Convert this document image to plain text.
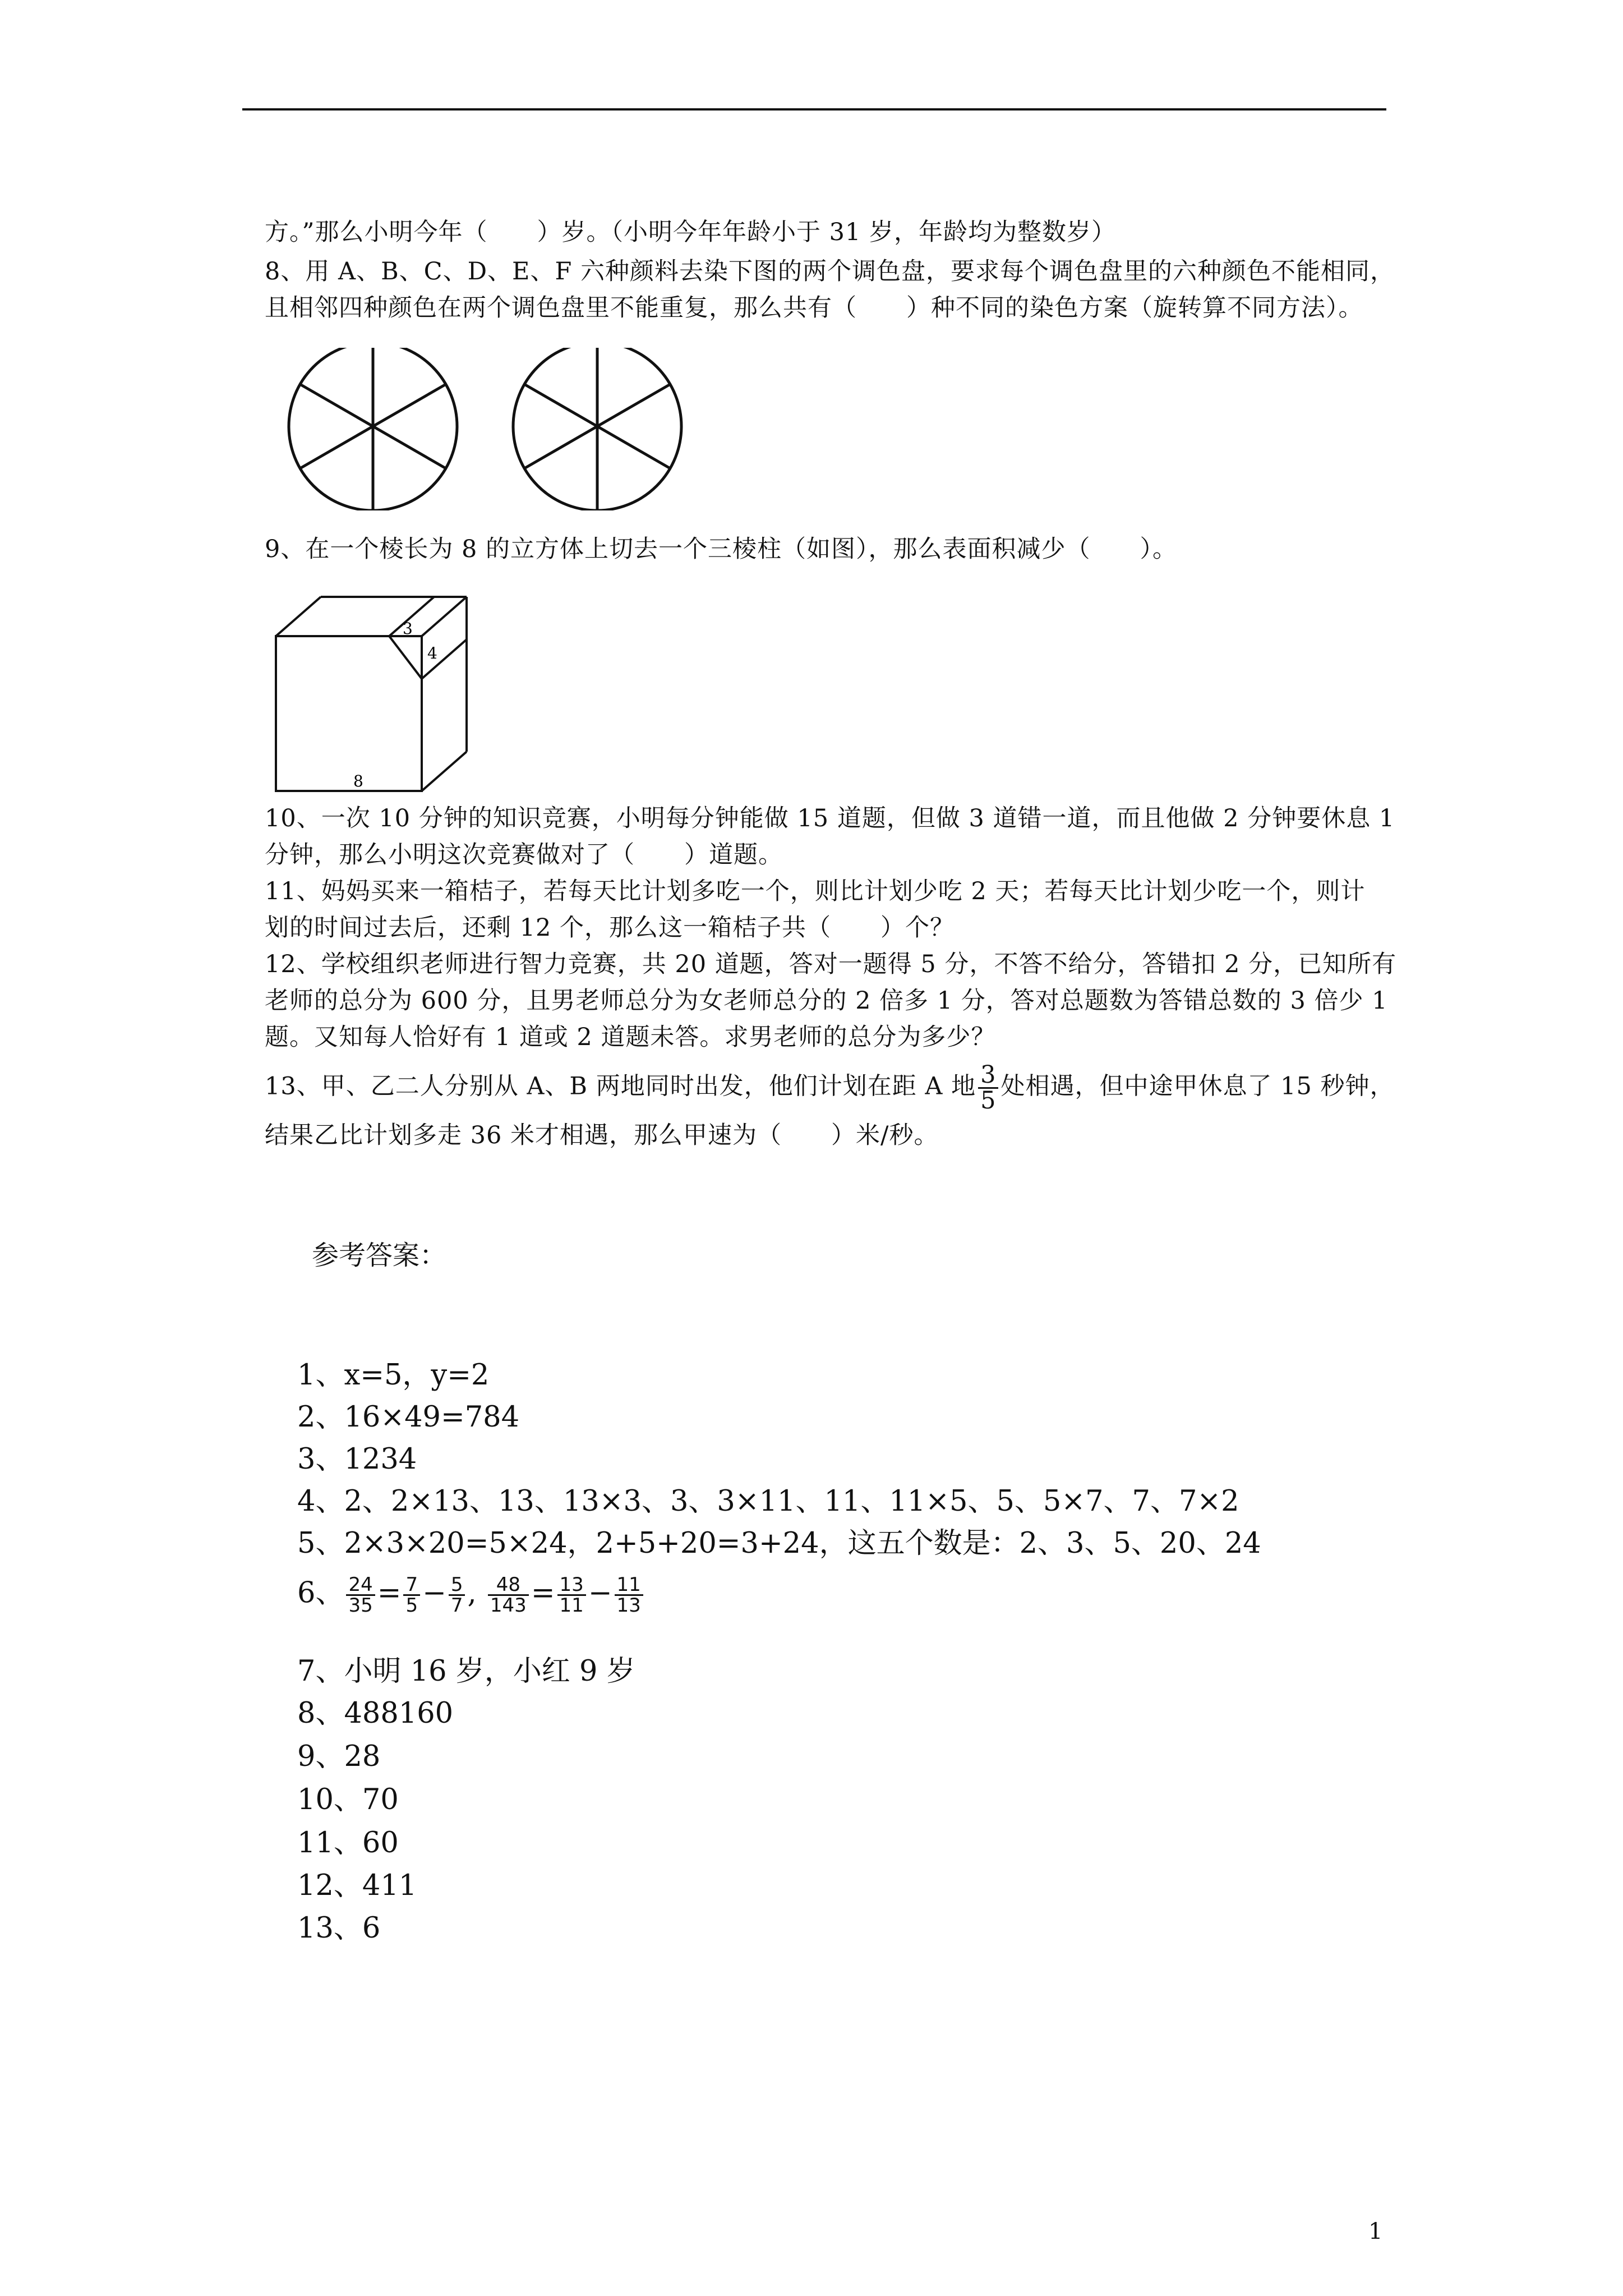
方。”那么小明今年（　　）岁。（小明今年年龄小于 31 岁，年龄均为整数岁）
8、用 A、B、C、D、E、F 六种颜料去染下图的两个调色盘，要求每个调色盘里的六种颜色不能相同，
且相邻四种颜色在两个调色盘里不能重复，那么共有（　　）种不同的染色方案（旋转算不同方法）。
9、在一个棱长为 8 的立方体上切去一个三棱柱（如图），那么表面积减少（　　）。
3
4
8
10、一次 10 分钟的知识竞赛，小明每分钟能做 15 道题，但做 3 道错一道，而且他做 2 分钟要休息 1
分钟，那么小明这次竞赛做对了（　　）道题。
11、妈妈买来一箱桔子，若每天比计划多吃一个，则比计划少吃 2 天；若每天比计划少吃一个，则计
划的时间过去后，还剩 12 个，那么这一箱桔子共（　　）个？
12、学校组织老师进行智力竞赛，共 20 道题，答对一题得 5 分，不答不给分，答错扣 2 分，已知所有
老师的总分为 600 分，且男老师总分为女老师总分的 2 倍多 1 分，答对总题数为答错总数的 3 倍少 1
题。又知每人恰好有 1 道或 2 道题未答。求男老师的总分为多少？
13、甲、乙二人分别从 A、B 两地同时出发，他们计划在距 A 地 $\frac{3}{5}$ 处相遇，但中途甲休息了 15 秒钟，
结果乙比计划多走 36 米才相遇，那么甲速为（　　）米/秒。
参考答案：
1、x=5，y=2
2、16×49=784
3、1234
4、2、2×13、13、13×3、3、3×11、11、11×5、5、5×7、7、7×2
5、2×3×20=5×24，2+5+20=3+24，这五个数是：2、3、5、20、24
6、 $\frac{24}{35} = \frac{7}{5} - \frac{5}{7}$ , $\frac{48}{143} = \frac{13}{11} - \frac{11}{13}$
7、小明 16 岁，小红 9 岁
8、488160
9、28
10、70
11、60
12、411
13、6
1
